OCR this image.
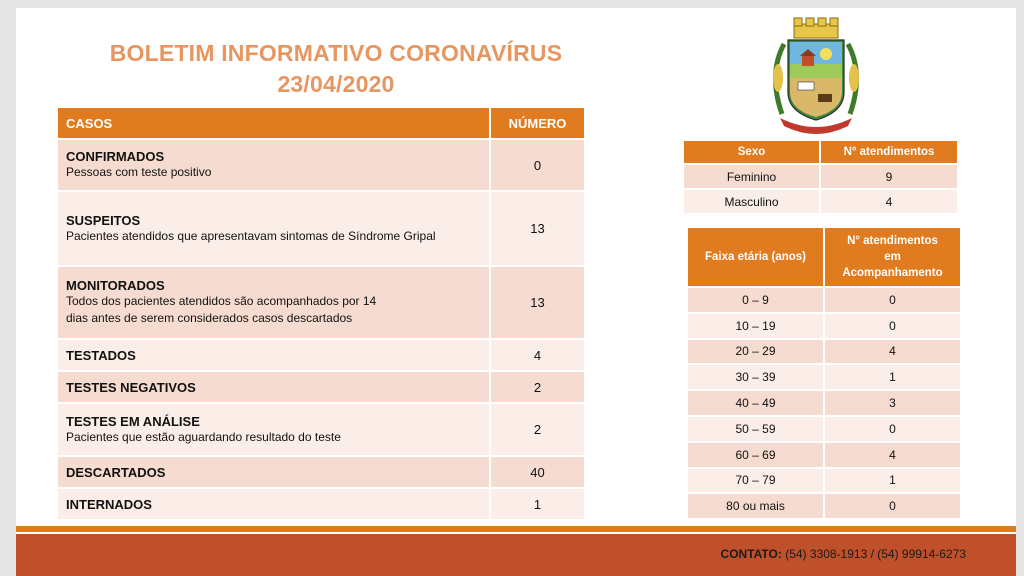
BOLETIM INFORMATIVO CORONAVÍRUS
23/04/2020
CASOS	NÚMERO

CONFIRMADOS
Pessoas com teste positivo	0

SUSPEITOS
Pacientes atendidos que apresentavam sintomas de Síndrome Gripal	13

MONITORADOS
Todos dos pacientes atendidos são acompanhados por 14 dias antes de serem considerados casos descartados	13

TESTADOS	4

TESTES NEGATIVOS	2

TESTES EM ANÁLISE
Pacientes que estão aguardando resultado do teste	2

DESCARTADOS	40

INTERNADOS	1
Sexo	N° atendimentos
Feminino	9
Masculino	4
Faixa etária (anos)	N° atendimentos
em
Acompanhamento

0 – 9	0
10 – 19	0
20 – 29	4
30 – 39	1
40 – 49	3
50 – 59	0
60 – 69	4
70 – 79	1
80 ou mais	0
CONTATO: (54) 3308-1913 / (54) 99914-6273
